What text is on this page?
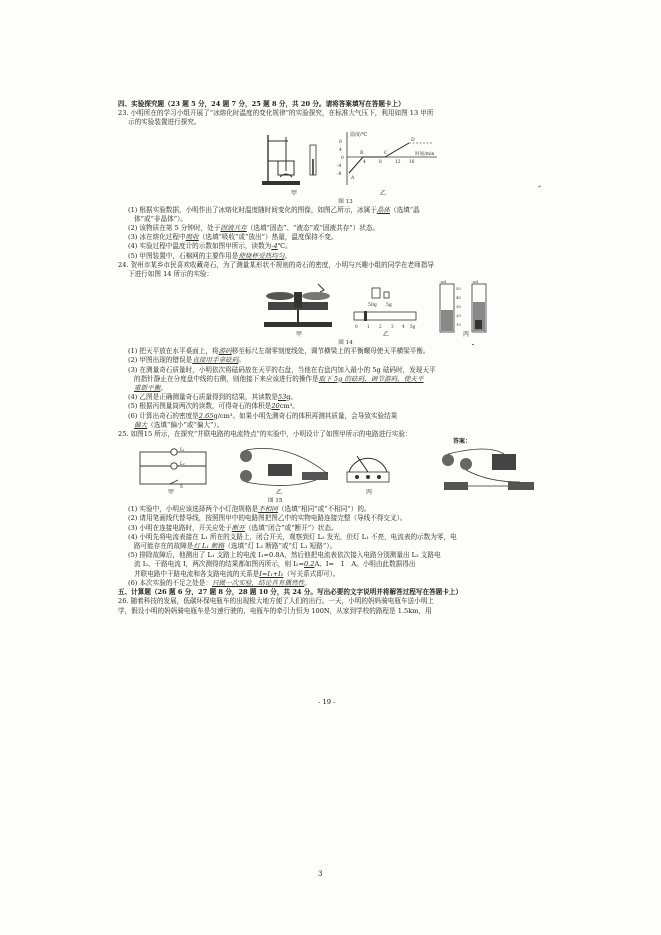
四、实验探究题（23 题 5 分，24 题 7 分，25 题 8 分，共 20 分。请将答案填写在答题卡上）
23. 小明所在的学习小组开展了“冰熔化时温度的变化规律”的实验探究，在标准大气压下，利用如图 13 甲所
示的实验装置进行探究。
温度/℃
时间/min
8
4
0
-4
-8
4	8	12 16
A
B	C
D
甲	乙
图 13
(1) 根据实验数据，小明作出了冰熔化时温度随时间变化的图像，如图乙所示，冰属于晶体（选填“晶
体”或“非晶体”）。
(2) 该物质在第 5 分钟时，处于固液共存（选填“固态”、“液态”或“固液共存”）状态。
(3) 冰在熔化过程中吸收（选填“吸收”或“放出”）热量，温度保持不变。
(4) 实验过程中温度计的示数如图甲所示，读数为-4℃。
(5) 甲图装置中，石棉网的主要作用是使烧杯受热均匀。
24. 贺州市某乡市民喜欢收藏奇石，为了测量某形状不规则的奇石的密度，小明与兴趣小组的同学在老师指导
下进行如图 14 所示的实验：
50g 5g
0 1 2 3 4 5g
ml	ml
50
40
30
20
10
甲	乙	丙
图 14
(1) 把天平放在水平桌面上，将游码移至标尺左端零刻度线处，调节横梁上的平衡螺母使天平横梁平衡。
(2) 甲图出现的错误是直接用手拿砝码。
(3) 在测量奇石质量时，小明依次将砝码放在天平的右盘，当他在右盘内加入最小的 5g 砝码时，发现天平
的指针静止在分度盘中线的右侧，则他接下来应该进行的操作是取下 5g 的砝码，调节游码，使天平
重新平衡。
(4) 乙图是正确测量奇石质量得到的结果，其读数是53g。
(5) 根据丙图量筒两次的读数，可得奇石的体积是20cm³。
(6) 计算出奇石的密度是2.65g/cm³。如果小明先测奇石的体积再测其质量，会导致实验结果
偏大（选填“偏小”或“偏大”）。
25. 如图15 所示，在探究“并联电路的电流特点”的实验中，小明设计了如图甲所示的电路进行实验：
答案：
L₁
L₂
S
甲	乙	丙
图 15
(1) 实验中，小明应该选择两个小灯泡规格是不相同（选填“相同”或“不相同”）的。
(2) 请用笔画线代替导线，按照图甲中的电路图把图乙中的实物电路连接完整（导线不得交叉）。
(3) 小明在连接电路时，开关应处于断开（选填“闭合”或“断开”）状态。
(4) 小明先将电流表接在 L₁ 所在的支路上，闭合开关，观察到灯 L₂ 发光，但灯 L₁ 不亮，电流表的示数为零，电
路可能存在的故障是灯 L₁ 断路（选填“灯 L₁ 断路”或“灯 L₁ 短路”）。
(5) 排除故障后，他测出了 L₁ 支路上的电流 I₁=0.8A，然后他把电流表依次接入电路分别测量出 L₂ 支路电
流 I₂、干路电流 I，两次测得的结果都如图丙所示，则 I₂=0.2A、I=　1　A。小明由此数据得出
并联电路中干路电流和各支路电流的关系是I=I₁+I₂（写关系式即可）。
(6) 本次实验的不足之处是：只做一次实验，结论具有偶然性。
五、计算题（26 题 6 分，27 题 8 分，28 题 10 分，共 24 分。写出必要的文字说明并将解答过程写在答题卡上）
26. 随着科技的发展，低碳环保电瓶车的出现极大地方便了人们的出行。一天，小明的妈妈骑电瓶车送小明上
学，假设小明的妈妈骑电瓶车是匀速行驶的，电瓶车的牵引力恒为 100N，从家到学校的路程是 1.5km，用
- 19 -
3
